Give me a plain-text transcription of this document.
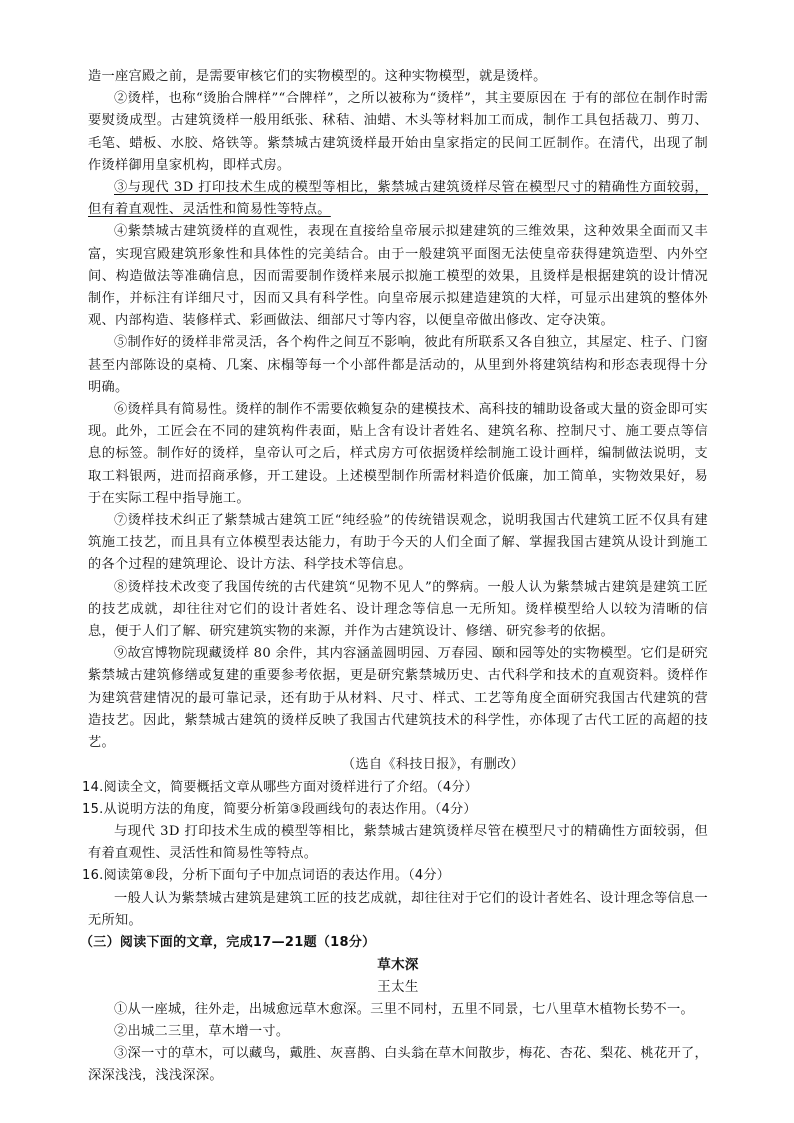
造一座宫殿之前，是需要审核它们的实物模型的。这种实物模型，就是烫样。

②烫样，也称“烫胎合牌样”“合牌样”，之所以被称为“烫样”，其主要原因在 于有的部位在制作时需要熨烫成型。古建筑烫样一般用纸张、秫秸、油蜡、木头等材料加工而成，制作工具包括裁刀、剪刀、毛笔、蜡板、水胶、烙铁等。紫禁城古建筑烫样最开始由皇家指定的民间工匠制作。在清代，出现了制作烫样御用皇家机构，即样式房。

③与现代 3D 打印技术生成的模型等相比，紫禁城古建筑烫样尽管在模型尺寸的精确性方面较弱，但有着直观性、灵活性和简易性等特点。

④紫禁城古建筑烫样的直观性，表现在直接给皇帝展示拟建建筑的三维效果，这种效果全面而又丰富，实现宫殿建筑形象性和具体性的完美结合。由于一般建筑平面图无法使皇帝获得建筑造型、内外空间、构造做法等准确信息，因而需要制作烫样来展示拟施工模型的效果，且烫样是根据建筑的设计情况制作，并标注有详细尺寸，因而又具有科学性。向皇帝展示拟建造建筑的大样，可显示出建筑的整体外观、内部构造、装修样式、彩画做法、细部尺寸等内容，以便皇帝做出修改、定夺决策。

⑤制作好的烫样非常灵活，各个构件之间互不影响，彼此有所联系又各自独立，其屋定、柱子、门窗甚至内部陈设的桌椅、几案、床榻等每一个小部件都是活动的，从里到外将建筑结构和形态表现得十分明确。

⑥烫样具有简易性。烫样的制作不需要依赖复杂的建模技术、高科技的辅助设备或大量的资金即可实现。此外，工匠会在不同的建筑构件表面，贴上含有设计者姓名、建筑名称、控制尺寸、施工要点等信息的标签。制作好的烫样，皇帝认可之后，样式房方可依据烫样绘制施工设计画样，编制做法说明，支取工料银两，进而招商承修，开工建设。上述模型制作所需材料造价低廉，加工简单，实物效果好，易于在实际工程中指导施工。

⑦烫样技术纠正了紫禁城古建筑工匠“纯经验”的传统错误观念，说明我国古代建筑工匠不仅具有建筑施工技艺，而且具有立体模型表达能力，有助于今天的人们全面了解、掌握我国古建筑从设计到施工的各个过程的建筑理论、设计方法、科学技术等信息。

⑧烫样技术改变了我国传统的古代建筑“见物不见人”的弊病。一般人认为紫禁城古建筑是建筑工匠的技艺成就，却往往对它们的设计者姓名、设计理念等信息一无所知。烫样模型给人以较为清晰的信息，便于人们了解、研究建筑实物的来源，并作为古建筑设计、修缮、研究参考的依据。

⑨故宫博物院现藏烫样 80 余件，其内容涵盖圆明园、万春园、颐和园等处的实物模型。它们是研究紫禁城古建筑修缮或复建的重要参考依据，更是研究紫禁城历史、古代科学和技术的直观资料。烫样作为建筑营建情况的最可靠记录，还有助于从材料、尺寸、样式、工艺等角度全面研究我国古代建筑的营造技艺。因此，紫禁城古建筑的烫样反映了我国古代建筑技术的科学性，亦体现了古代工匠的高超的技艺。

（选自《科技日报》，有删改）

14.阅读全文，简要概括文章从哪些方面对烫样进行了介绍。（4分）

15.从说明方法的角度，简要分析第③段画线句的表达作用。（4分）

与现代 3D 打印技术生成的模型等相比，紫禁城古建筑烫样尽管在模型尺寸的精确性方面较弱，但有着直观性、灵活性和简易性等特点。

16.阅读第⑧段，分析下面句子中加点词语的表达作用。（4分）

一般人认为紫禁城古建筑是建筑工匠的技艺成就，却往往对于它们的设计者姓名、设计理念等信息一无所知。

（三）阅读下面的文章，完成17—21题（18分）

草木深

王太生

①从一座城，往外走，出城愈远草木愈深。三里不同村，五里不同景，七八里草木植物长势不一。

②出城二三里，草木增一寸。

③深一寸的草木，可以藏鸟，戴胜、灰喜鹊、白头翁在草木间散步，梅花、杏花、梨花、桃花开了，深深浅浅，浅浅深深。
